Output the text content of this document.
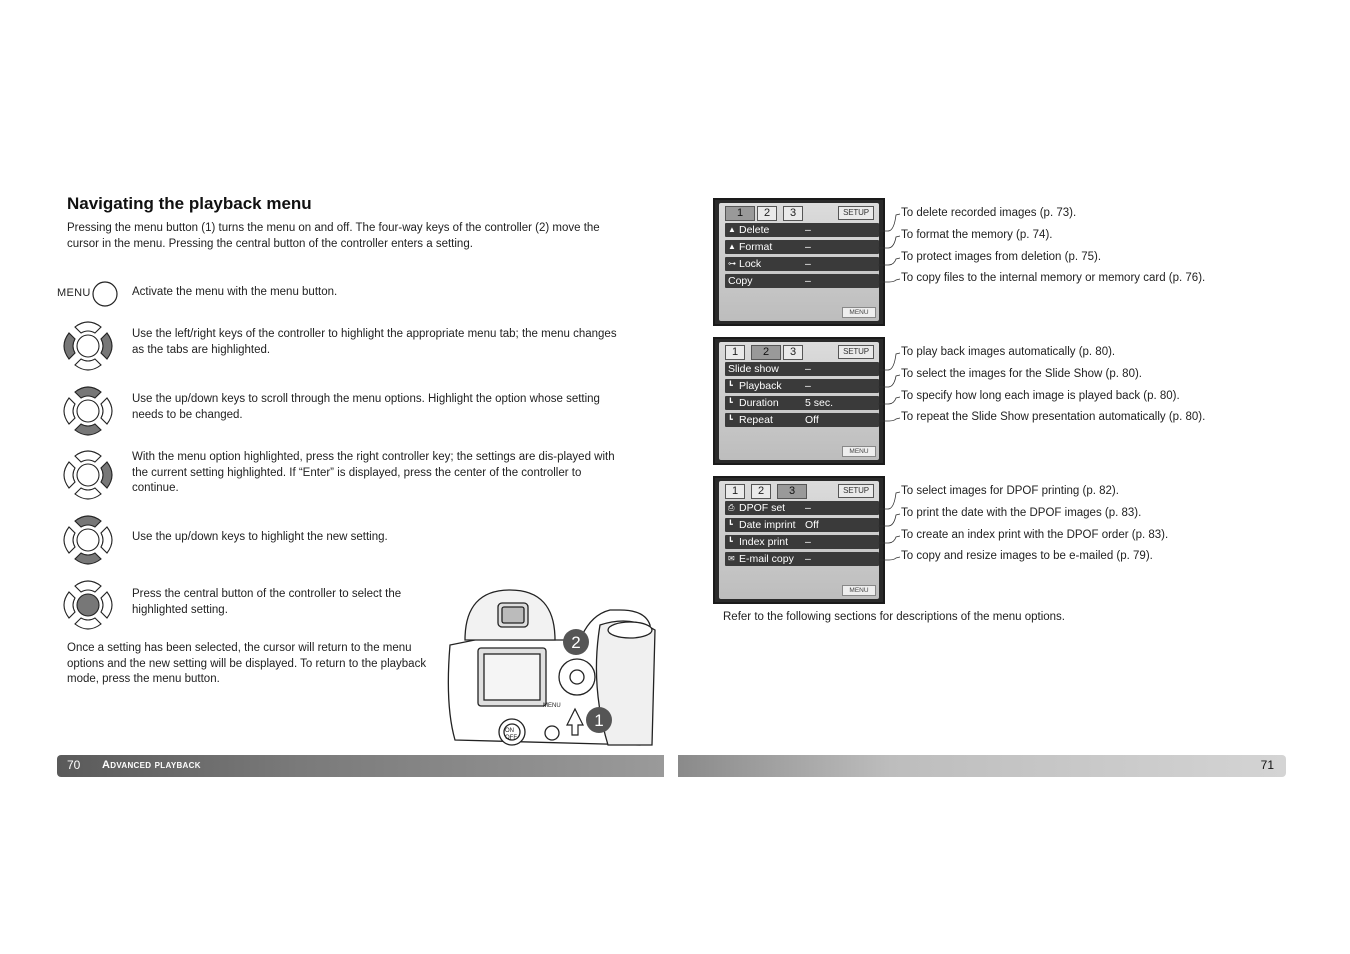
Navigating the playback menu

Pressing the menu button (1) turns the menu on and off. The four-way keys of the controller (2) move the cursor in the menu. Pressing the central button of the controller enters a setting.

MENU	Activate the menu with the menu button.

Use the left/right keys of the controller to highlight the appropriate menu tab; the menu changes as the tabs are highlighted.

Use the up/down keys to scroll through the menu options. Highlight the option whose setting needs to be changed.

With the menu option highlighted, press the right controller key; the settings are dis-played with the current setting highlighted. If “Enter” is displayed, press the center of the controller to continue.

Use the up/down keys to highlight the new setting.

Press the central button of the controller to select the highlighted setting.

Once a setting has been selected, the cursor will return to the menu options and the new setting will be displayed. To return to the playback mode, press the menu button.

2
1
MENU
ON
OFF
1	2	3	SETUP
▲ Delete	–
▲ Format	–
⊶ Lock	–
Copy	–
MENU
1	2	3	SETUP
Slide show –
┗ Playback –
┗ Duration	5 sec.
┗ Repeat	Off
MENU
1	2	3	SETUP
⎙ DPOF set –
┗ Date imprint Off
┗ Index print –
✉ E-mail copy –
MENU
To delete recorded images (p. 73).
To format the memory (p. 74).
To protect images from deletion (p. 75).
To copy files to the internal memory or memory card (p. 76).
To play back images automatically (p. 80).
To select the images for the Slide Show (p. 80).
To specify how long each image is played back (p. 80).
To repeat the Slide Show presentation automatically (p. 80).
To select images for DPOF printing (p. 82).
To print the date with the DPOF images (p. 83).
To create an index print with the DPOF order (p. 83).
To copy and resize images to be e-mailed (p. 79).

Refer to the following sections for descriptions of the menu options.

70 Advanced playback	71
